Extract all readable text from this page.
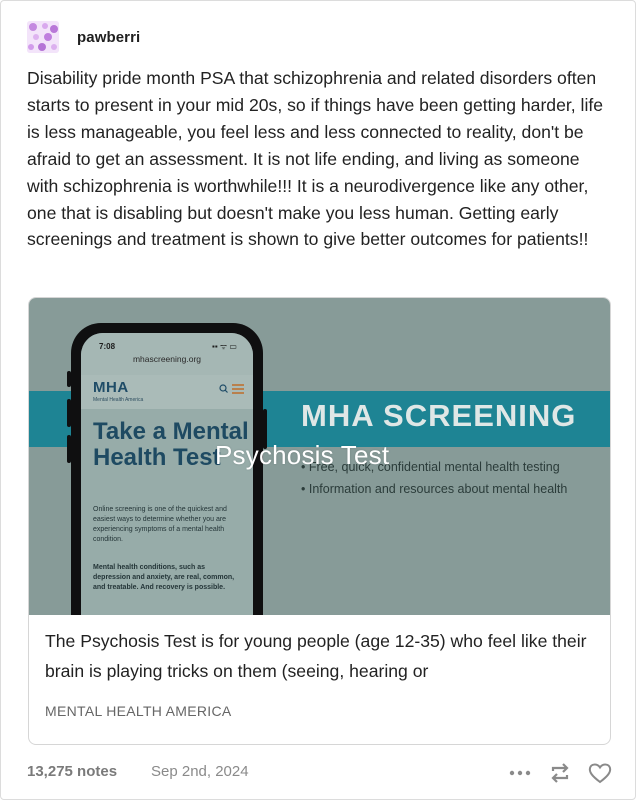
pawberri
Disability pride month PSA that schizophrenia and related disorders often starts to present in your mid 20s, so if things have been getting harder, life is less manageable, you feel less and less connected to reality, don't be afraid to get an assessment. It is not life ending, and living as someone with schizophrenia is worthwhile!!! It is a neurodivergence like any other, one that is disabling but doesn't make you less human. Getting early screenings and treatment is shown to give better outcomes for patients!!
MHA SCREENING
• Free, quick, confidential mental health testing
• Information and resources about mental health
7:08	▪▪ ᯤ ▭
mhascreening.org
MHA
Mental Health America
Take a Mental Health Test
Online screening is one of the quickest and easiest ways to determine whether you are experiencing symptoms of a mental health condition.
Mental health conditions, such as depression and anxiety, are real, common, and treatable. And recovery is possible.
Psychosis Test
The Psychosis Test is for young people (age 12-35) who feel like their brain is playing tricks on them (seeing, hearing or
MENTAL HEALTH AMERICA
13,275 notes Sep 2nd, 2024
